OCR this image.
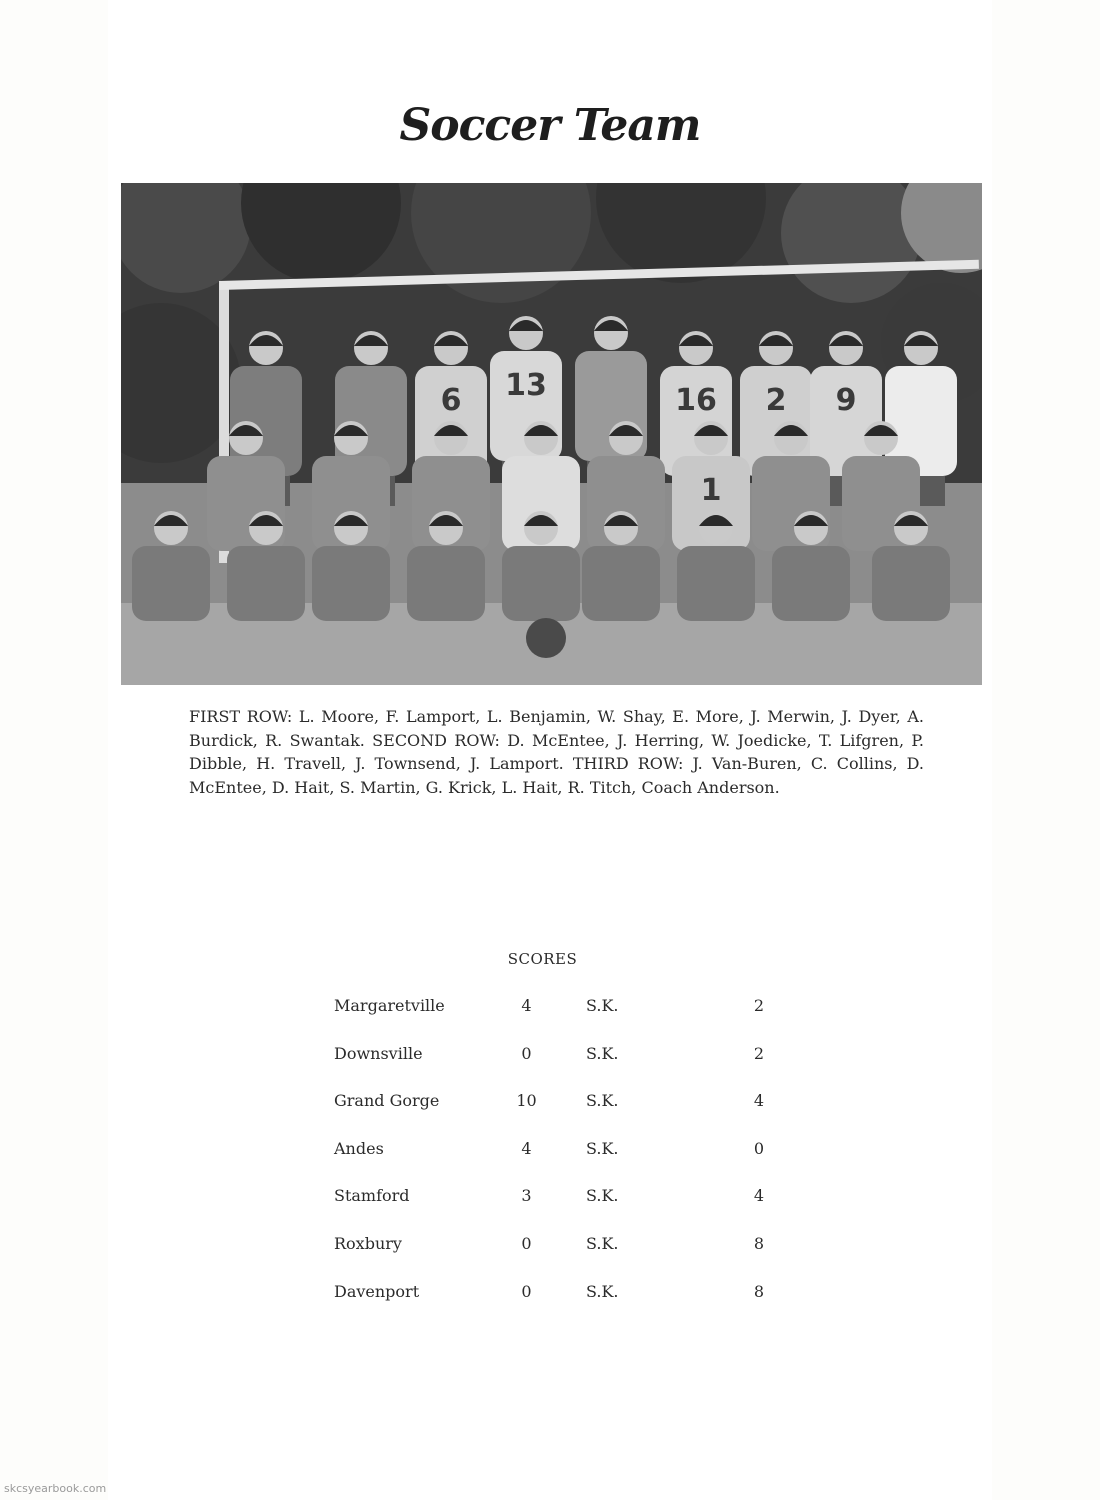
Soccer Team
6 13	16 2 9
1
FIRST ROW: L. Moore, F. Lamport, L. Benjamin, W. Shay, E. More, J. Merwin, J. Dyer, A. Burdick, R. Swantak. SECOND ROW: D. McEntee, J. Herring, W. Joedicke, T. Lifgren, P. Dibble, H. Travell, J. Townsend, J. Lamport. THIRD ROW: J. Van-Buren, C. Collins, D. McEntee, D. Hait, S. Martin, G. Krick, L. Hait, R. Titch, Coach Anderson.
SCORES
Margaretville	4	S.K.	2
Downsville	0	S.K.	2
Grand Gorge	10	S.K.	4
Andes	4	S.K.	0
Stamford	3	S.K.	4
Roxbury	0	S.K.	8
Davenport	0	S.K.	8
skcsyearbook.com
